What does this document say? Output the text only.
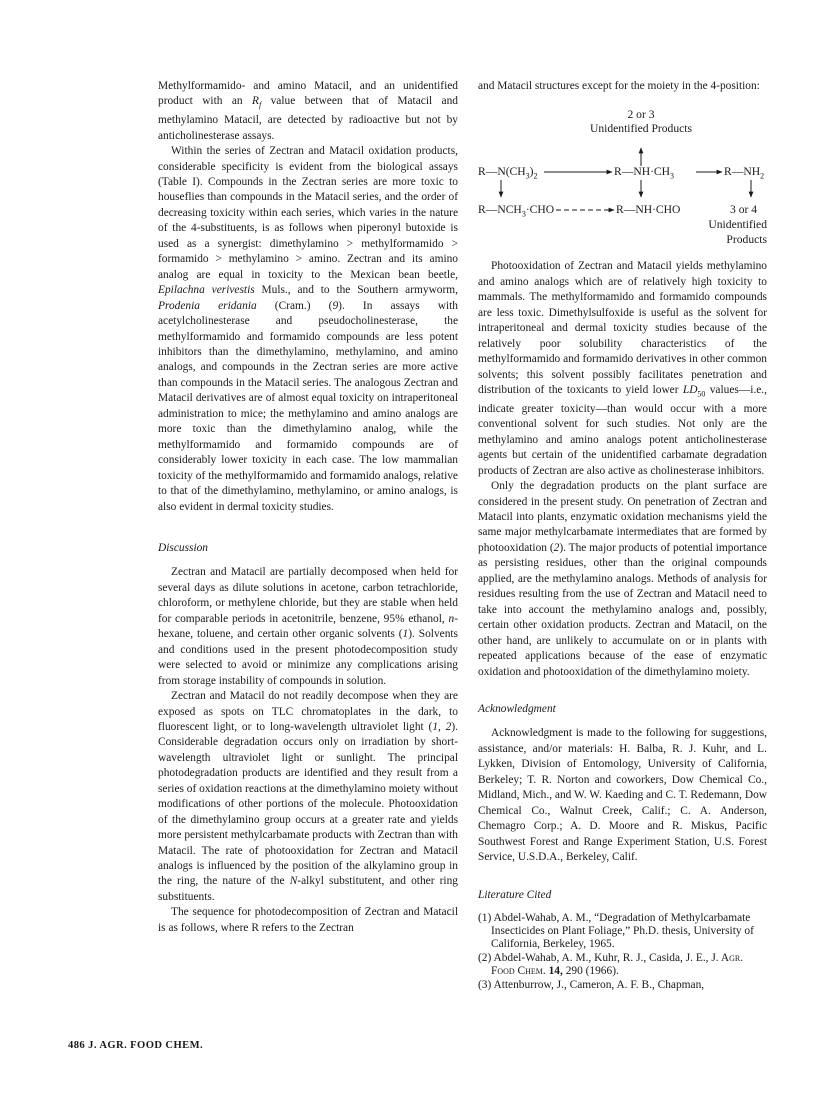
Methylformamido- and amino Matacil, and an unidentified product with an $R_f$ value between that of Matacil and methylamino Matacil, are detected by radioactive but not by anticholinesterase assays.

Within the series of Zectran and Matacil oxidation products, considerable specificity is evident from the biological assays (Table I). Compounds in the Zectran series are more toxic to houseflies than compounds in the Matacil series, and the order of decreasing toxicity within each series, which varies in the nature of the 4-substituents, is as follows when piperonyl butoxide is used as a synergist: dimethylamino > methylformamido > formamido > methylamino > amino. Zectran and its amino analog are equal in toxicity to the Mexican bean beetle, Epilachna verivestis Muls., and to the Southern armyworm, Prodenia eridania (Cram.) (9). In assays with acetylcholinesterase and pseudocholinesterase, the methylformamido and formamido compounds are less potent inhibitors than the dimethylamino, methylamino, and amino analogs, and compounds in the Zectran series are more active than compounds in the Matacil series. The analogous Zectran and Matacil derivatives are of almost equal toxicity on intraperitoneal administration to mice; the methylamino and amino analogs are more toxic than the dimethylamino analog, while the methylformamido and formamido compounds are of considerably lower toxicity in each case. The low mammalian toxicity of the methylformamido and formamido analogs, relative to that of the dimethylamino, methylamino, or amino analogs, is also evident in dermal toxicity studies.

Discussion

Zectran and Matacil are partially decomposed when held for several days as dilute solutions in acetone, carbon tetrachloride, chloroform, or methylene chloride, but they are stable when held for comparable periods in acetonitrile, benzene, 95% ethanol, n-hexane, toluene, and certain other organic solvents (1). Solvents and conditions used in the present photodecomposition study were selected to avoid or minimize any complications arising from storage instability of compounds in solution.

Zectran and Matacil do not readily decompose when they are exposed as spots on TLC chromatoplates in the dark, to fluorescent light, or to long-wavelength ultraviolet light (1, 2). Considerable degradation occurs only on irradiation by short-wavelength ultraviolet light or sunlight. The principal photodegradation products are identified and they result from a series of oxidation reactions at the dimethylamino moiety without modifications of other portions of the molecule. Photooxidation of the dimethylamino group occurs at a greater rate and yields more persistent methylcarbamate products with Zectran than with Matacil. The rate of photooxidation for Zectran and Matacil analogs is influenced by the position of the alkylamino group in the ring, the nature of the N-alkyl substitutent, and other ring substituents.

The sequence for photodecomposition of Zectran and Matacil is as follows, where R refers to the Zectran

and Matacil structures except for the moiety in the 4-position:

2 or 3
Unidentified Products
$R—N(CH_3)_2$	$R—NH\cdot CH_3$	$R—NH_2$
$R—NCH_3\cdot CHO$	R—NH·CHO	3 or 4
Unidentified
Products

Photooxidation of Zectran and Matacil yields methylamino and amino analogs which are of relatively high toxicity to mammals. The methylformamido and formamido compounds are less toxic. Dimethylsulfoxide is useful as the solvent for intraperitoneal and dermal toxicity studies because of the relatively poor solubility characteristics of the methylformamido and formamido derivatives in other common solvents; this solvent possibly facilitates penetration and distribution of the toxicants to yield lower $LD_{50}$ values—i.e., indicate greater toxicity—than would occur with a more conventional solvent for such studies. Not only are the methylamino and amino analogs potent anticholinesterase agents but certain of the unidentified carbamate degradation products of Zectran are also active as cholinesterase inhibitors.

Only the degradation products on the plant surface are considered in the present study. On penetration of Zectran and Matacil into plants, enzymatic oxidation mechanisms yield the same major methylcarbamate intermediates that are formed by photooxidation (2). The major products of potential importance as persisting residues, other than the original compounds applied, are the methylamino analogs. Methods of analysis for residues resulting from the use of Zectran and Matacil need to take into account the methylamino analogs and, possibly, certain other oxidation products. Zectran and Matacil, on the other hand, are unlikely to accumulate on or in plants with repeated applications because of the ease of enzymatic oxidation and photooxidation of the dimethylamino moiety.

Acknowledgment

Acknowledgment is made to the following for suggestions, assistance, and/or materials: H. Balba, R. J. Kuhr, and L. Lykken, Division of Entomology, University of California, Berkeley; T. R. Norton and coworkers, Dow Chemical Co., Midland, Mich., and W. W. Kaeding and C. T. Redemann, Dow Chemical Co., Walnut Creek, Calif.; C. A. Anderson, Chemagro Corp.; A. D. Moore and R. Miskus, Pacific Southwest Forest and Range Experiment Station, U.S. Forest Service, U.S.D.A., Berkeley, Calif.

Literature Cited

(1) Abdel-Wahab, A. M., “Degradation of Methylcarbamate Insecticides on Plant Foliage,” Ph.D. thesis, University of California, Berkeley, 1965.

(2) Abdel-Wahab, A. M., Kuhr, R. J., Casida, J. E., J. Agr. Food Chem. 14, 290 (1966).

(3) Attenburrow, J., Cameron, A. F. B., Chapman,

486 J. AGR. FOOD CHEM.
